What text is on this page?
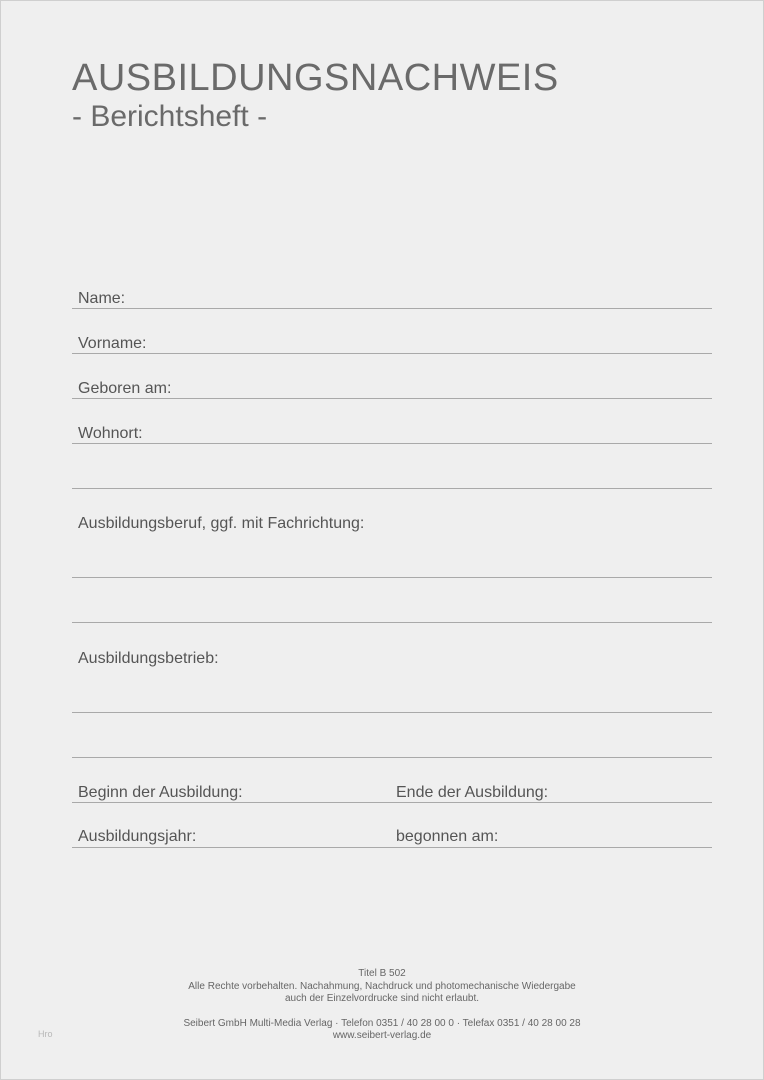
AUSBILDUNGSNACHWEIS
- Berichtsheft -
Name:
Vorname:
Geboren am:
Wohnort:
Ausbildungsberuf, ggf. mit Fachrichtung:
Ausbildungsbetrieb:
Beginn der Ausbildung:	Ende der Ausbildung:
Ausbildungsjahr:	begonnen am:
Titel B 502
Alle Rechte vorbehalten. Nachahmung, Nachdruck und photomechanische Wiedergabe
auch der Einzelvordrucke sind nicht erlaubt.
Seibert GmbH Multi-Media Verlag · Telefon 0351 / 40 28 00 0 · Telefax 0351 / 40 28 00 28
www.seibert-verlag.de
Hro
